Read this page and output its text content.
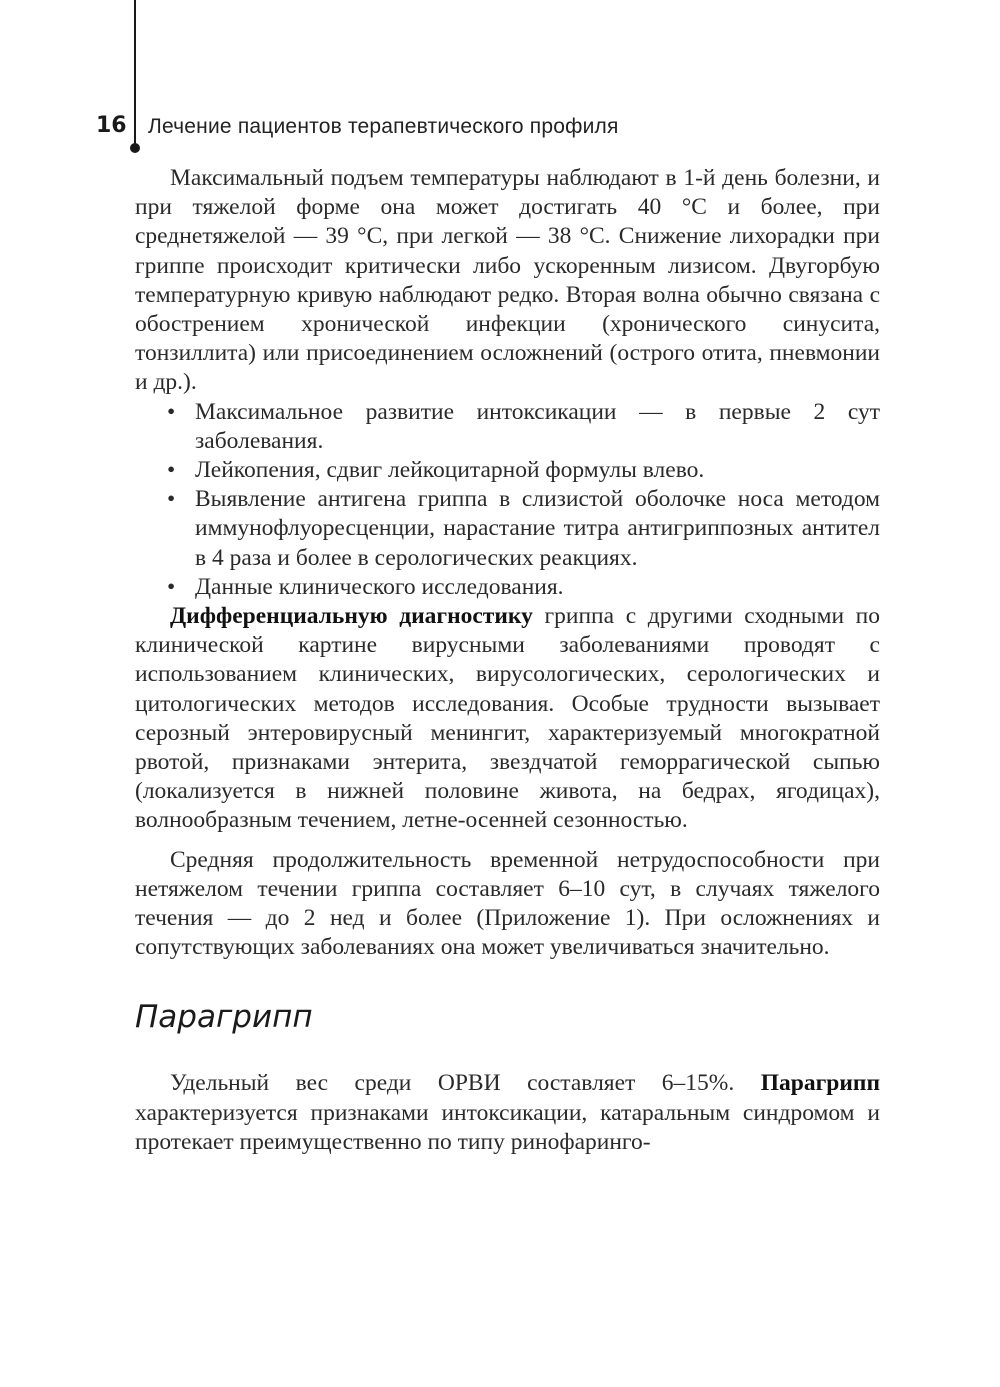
16 Лечение пациентов терапевтического профиля

Максимальный подъем температуры наблюдают в 1-й день болезни, и при тяжелой форме она может достигать 40 °С и более, при среднетяжелой — 39 °С, при легкой — 38 °С. Снижение лихорадки при гриппе происходит критически либо ускоренным лизисом. Двугорбую температурную кривую наблюдают редко. Вторая волна обычно связана с обострением хронической инфекции (хронического синусита, тонзиллита) или присоединением осложнений (острого отита, пневмонии и др.).

• Максимальное развитие интоксикации — в первые 2 сут заболевания.
• Лейкопения, сдвиг лейкоцитарной формулы влево.
• Выявление антигена гриппа в слизистой оболочке носа методом иммунофлуоресценции, нарастание титра антигриппозных антител в 4 раза и более в серологических реакциях.
• Данные клинического исследования.

Дифференциальную диагностику гриппа с другими сходными по клинической картине вирусными заболеваниями проводят с использованием клинических, вирусологических, серологических и цитологических методов исследования. Особые трудности вызывает серозный энтеровирусный менингит, характеризуемый многократной рвотой, признаками энтерита, звездчатой геморрагической сыпью (локализуется в нижней половине живота, на бедрах, ягодицах), волнообразным течением, летне-осенней сезонностью.

Средняя продолжительность временной нетрудоспособности при нетяжелом течении гриппа составляет 6–10 сут, в случаях тяжелого течения — до 2 нед и более (Приложение 1). При осложнениях и сопутствующих заболеваниях она может увеличиваться значительно.

Парагрипп

Удельный вес среди ОРВИ составляет 6–15%. Парагрипп характеризуется признаками интоксикации, катаральным синдромом и протекает преимущественно по типу ринофаринго-
